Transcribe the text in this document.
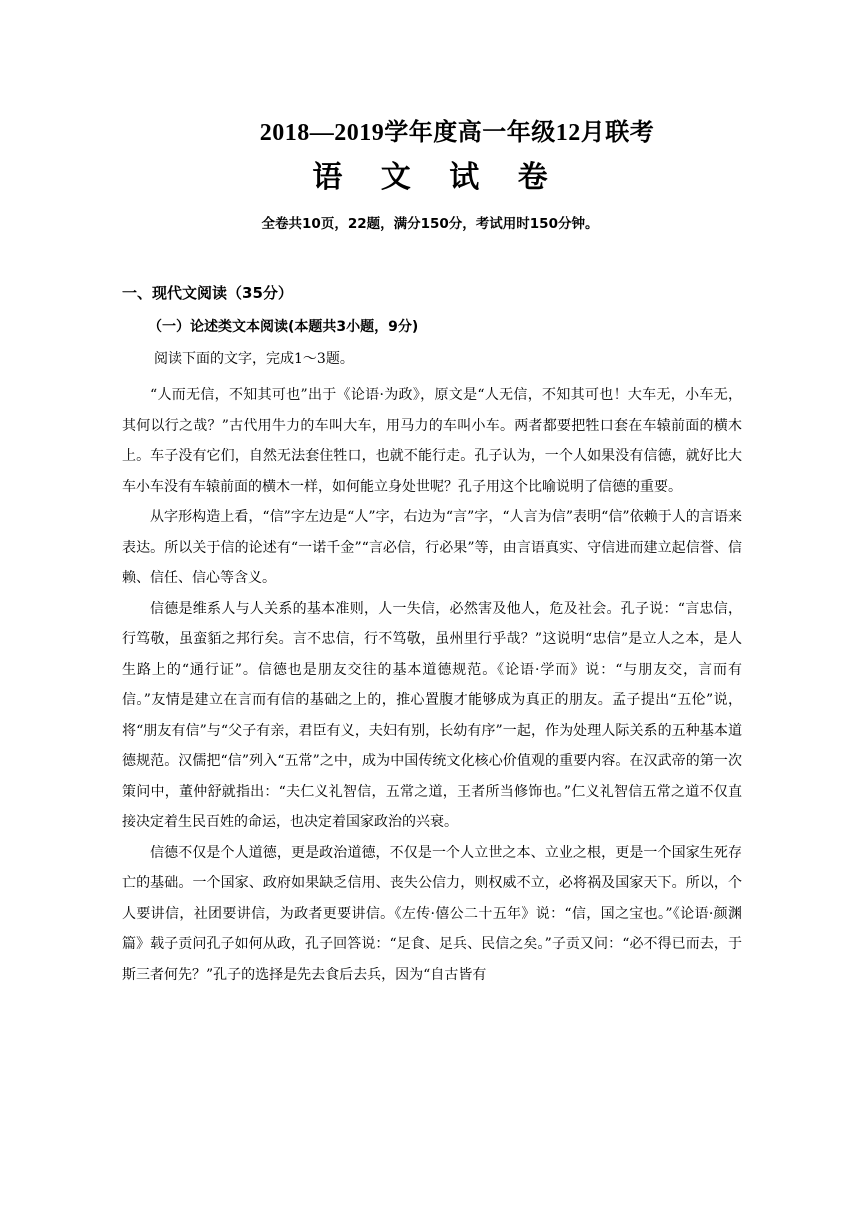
2018—2019学年度高一年级12月联考
语 文 试 卷
全卷共10页，22题，满分150分，考试用时150分钟。
一、现代文阅读（35分）
（一）论述类文本阅读(本题共3小题，9分)
阅读下面的文字，完成1～3题。

“人而无信，不知其可也”出于《论语·为政》，原文是“人无信，不知其可也！大车无，小车无，其何以行之哉？”古代用牛力的车叫大车，用马力的车叫小车。两者都要把牲口套在车辕前面的横木上。车子没有它们，自然无法套住牲口，也就不能行走。孔子认为，一个人如果没有信德，就好比大车小车没有车辕前面的横木一样，如何能立身处世呢？孔子用这个比喻说明了信德的重要。

从字形构造上看，“信”字左边是“人”字，右边为“言”字，“人言为信”表明“信”依赖于人的言语来表达。所以关于信的论述有“一诺千金”“言必信，行必果”等，由言语真实、守信进而建立起信誉、信赖、信任、信心等含义。

信德是维系人与人关系的基本准则，人一失信，必然害及他人，危及社会。孔子说：“言忠信，行笃敬，虽蛮貊之邦行矣。言不忠信，行不笃敬，虽州里行乎哉？”这说明“忠信”是立人之本，是人生路上的“通行证”。信德也是朋友交往的基本道德规范。《论语·学而》说：“与朋友交，言而有信。”友情是建立在言而有信的基础之上的，推心置腹才能够成为真正的朋友。孟子提出“五伦”说，将“朋友有信”与“父子有亲，君臣有义，夫妇有别，长幼有序”一起，作为处理人际关系的五种基本道德规范。汉儒把“信”列入“五常”之中，成为中国传统文化核心价值观的重要内容。在汉武帝的第一次策问中，董仲舒就指出：“夫仁义礼智信，五常之道，王者所当修饰也。”仁义礼智信五常之道不仅直接决定着生民百姓的命运，也决定着国家政治的兴衰。

信德不仅是个人道德，更是政治道德，不仅是一个人立世之本、立业之根，更是一个国家生死存亡的基础。一个国家、政府如果缺乏信用、丧失公信力，则权威不立，必将祸及国家天下。所以，个人要讲信，社团要讲信，为政者更要讲信。《左传·僖公二十五年》说：“信，国之宝也。”《论语·颜渊篇》载子贡问孔子如何从政，孔子回答说：“足食、足兵、民信之矣。”子贡又问：“必不得已而去，于斯三者何先？”孔子的选择是先去食后去兵，因为“自古皆有
